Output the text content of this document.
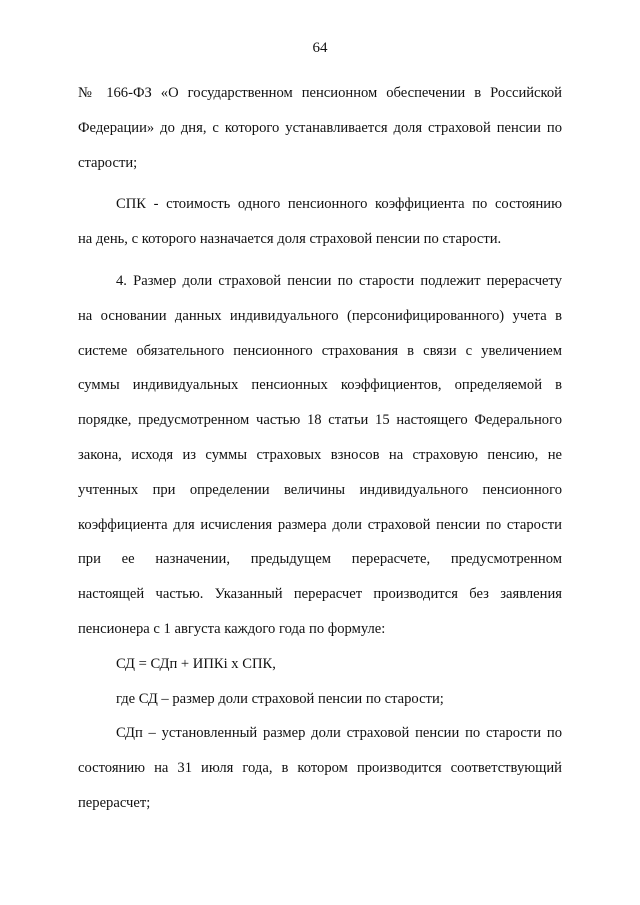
64

№ 166-ФЗ «О государственном пенсионном обеспечении в Российской

Федерации» до дня, с которого устанавливается доля страховой пенсии по

старости;

СПК - стоимость одного пенсионного коэффициента по состоянию

на день, с которого назначается доля страховой пенсии по старости.

4. Размер доли страховой пенсии по старости подлежит перерасчету

на основании данных индивидуального (персонифицированного) учета в

системе обязательного пенсионного страхования в связи с увеличением

суммы индивидуальных пенсионных коэффициентов, определяемой в

порядке, предусмотренном частью 18 статьи 15 настоящего Федерального

закона, исходя из суммы страховых взносов на страховую пенсию, не

учтенных при определении величины индивидуального пенсионного

коэффициента для исчисления размера доли страховой пенсии по старости

при ее назначении, предыдущем перерасчете, предусмотренном

настоящей частью. Указанный перерасчет производится без заявления

пенсионера с 1 августа каждого года по формуле:

СД = СДп + ИПКi х СПК,

где СД – размер доли страховой пенсии по старости;

СДп – установленный размер доли страховой пенсии по старости по

состоянию на 31 июля года, в котором производится соответствующий

перерасчет;
